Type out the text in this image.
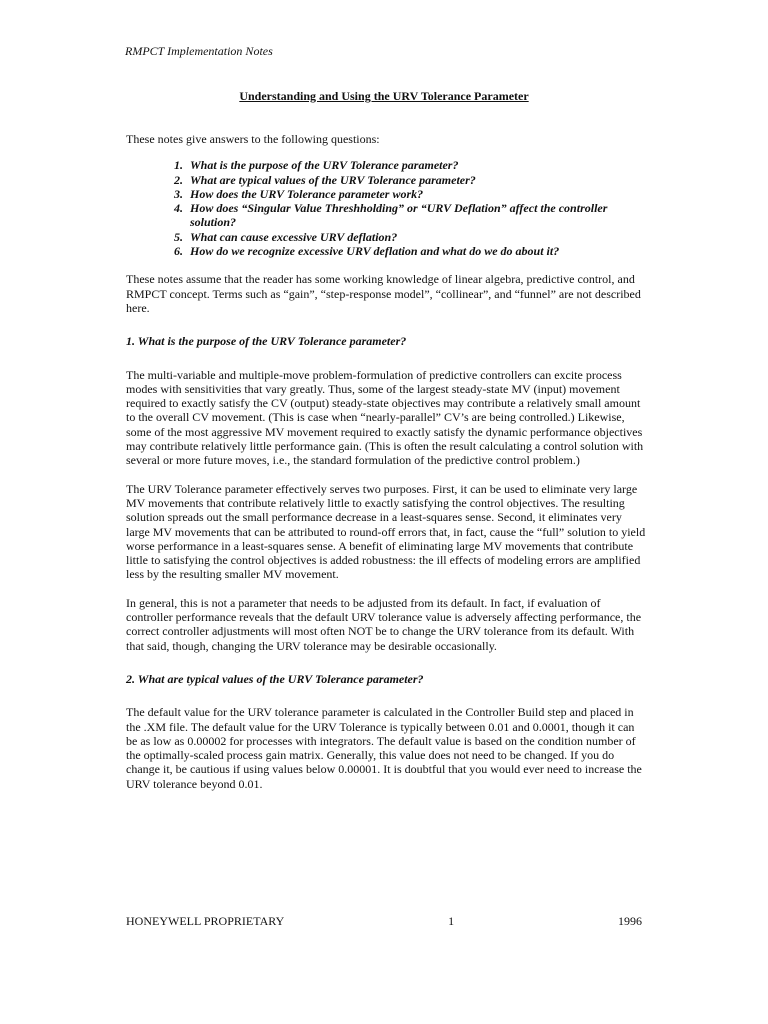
RMPCT Implementation Notes
Understanding and Using the URV Tolerance Parameter

These notes give answers to the following questions:

1. What is the purpose of the URV Tolerance parameter?
2. What are typical values of the URV Tolerance parameter?
3. How does the URV Tolerance parameter work?
4. How does “Singular Value Threshholding” or “URV Deflation” affect the controller solution?
5. What can cause excessive URV deflation?
6. How do we recognize excessive URV deflation and what do we do about it?

These notes assume that the reader has some working knowledge of linear algebra, predictive control, and RMPCT concept. Terms such as “gain”, “step-response model”, “collinear”, and “funnel” are not described here.

1. What is the purpose of the URV Tolerance parameter?

The multi-variable and multiple-move problem-formulation of predictive controllers can excite process modes with sensitivities that vary greatly. Thus, some of the largest steady-state MV (input) movement required to exactly satisfy the CV (output) steady-state objectives may contribute a relatively small amount to the overall CV movement. (This is case when “nearly-parallel” CV’s are being controlled.) Likewise, some of the most aggressive MV movement required to exactly satisfy the dynamic performance objectives may contribute relatively little performance gain. (This is often the result calculating a control solution with several or more future moves, i.e., the standard formulation of the predictive control problem.)

The URV Tolerance parameter effectively serves two purposes. First, it can be used to eliminate very large MV movements that contribute relatively little to exactly satisfying the control objectives. The resulting solution spreads out the small performance decrease in a least-squares sense. Second, it eliminates very large MV movements that can be attributed to round-off errors that, in fact, cause the “full” solution to yield worse performance in a least-squares sense. A benefit of eliminating large MV movements that contribute little to satisfying the control objectives is added robustness: the ill effects of modeling errors are amplified less by the resulting smaller MV movement.

In general, this is not a parameter that needs to be adjusted from its default. In fact, if evaluation of controller performance reveals that the default URV tolerance value is adversely affecting performance, the correct controller adjustments will most often NOT be to change the URV tolerance from its default. With that said, though, changing the URV tolerance may be desirable occasionally.

2. What are typical values of the URV Tolerance parameter?

The default value for the URV tolerance parameter is calculated in the Controller Build step and placed in the .XM file. The default value for the URV Tolerance is typically between 0.01 and 0.0001, though it can be as low as 0.00002 for processes with integrators. The default value is based on the condition number of the optimally-scaled process gain matrix. Generally, this value does not need to be changed. If you do change it, be cautious if using values below 0.00001. It is doubtful that you would ever need to increase the URV tolerance beyond 0.01.

HONEYWELL PROPRIETARY	1	1996
